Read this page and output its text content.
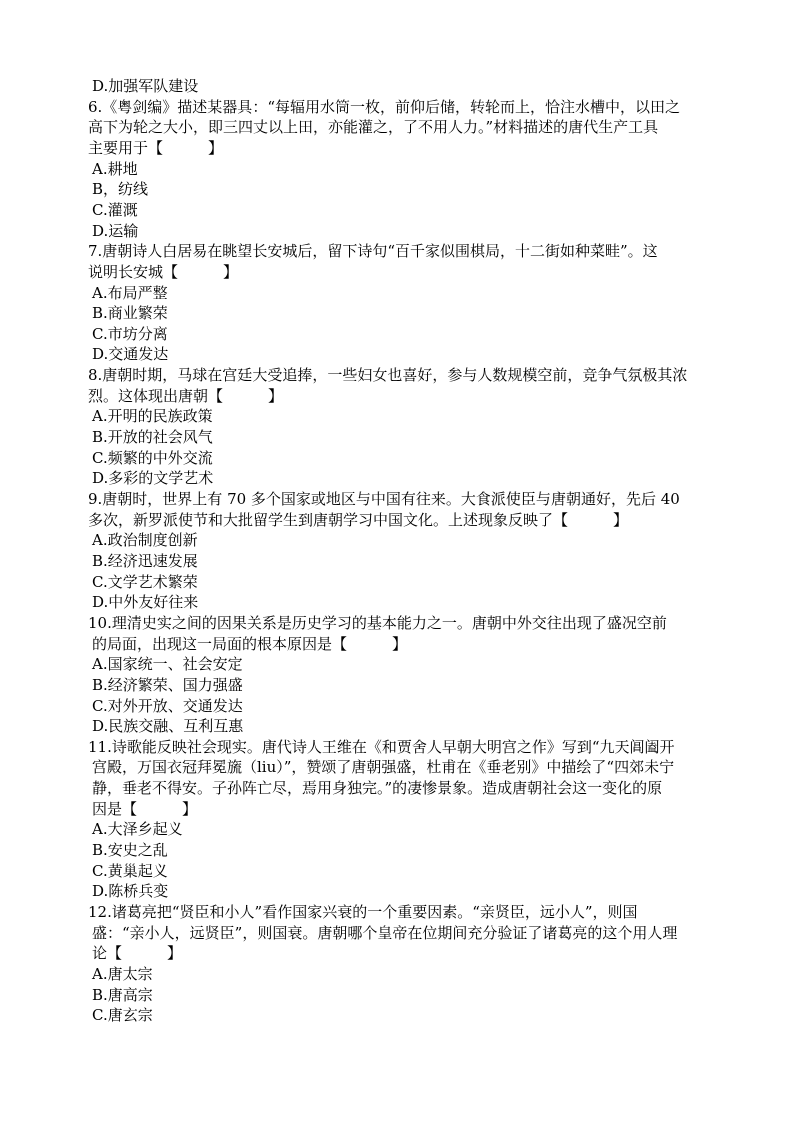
D.加强军队建设
6.《粤剑编》描述某器具：“每辐用水筒一枚，前仰后储，转轮而上，恰注水槽中，以田之
高下为轮之大小，即三四丈以上田，亦能灌之，了不用人力。”材料描述的唐代生产工具
主要用于【　　　】
A.耕地
B，纺线
C.灌溉
D.运输
7.唐朝诗人白居易在眺望长安城后，留下诗句“百千家似围棋局，十二街如种菜畦”。这
说明长安城【　　　】
A.布局严整
B.商业繁荣
C.市坊分离
D.交通发达
8.唐朝时期，马球在宫廷大受追捧，一些妇女也喜好，参与人数规模空前，竞争气氛极其浓
烈。这体现出唐朝【　　　】
A.开明的民族政策
B.开放的社会风气
C.频繁的中外交流
D.多彩的文学艺术
9.唐朝时，世界上有 70 多个国家或地区与中国有往来。大食派使臣与唐朝通好，先后 40
多次，新罗派使节和大批留学生到唐朝学习中国文化。上述现象反映了【　　　】
A.政治制度创新
B.经济迅速发展
C.文学艺术繁荣
D.中外友好往来
10.理清史实之间的因果关系是历史学习的基本能力之一。唐朝中外交往出现了盛况空前
的局面，出现这一局面的根本原因是【　　　】
A.国家统一、社会安定
B.经济繁荣、国力强盛
C.对外开放、交通发达
D.民族交融、互利互惠
11.诗歌能反映社会现实。唐代诗人王维在《和贾舍人早朝大明宫之作》写到“九天阊阖开
宫殿，万国衣冠拜冕旒（liu）”，赞颂了唐朝强盛，杜甫在《垂老别》中描绘了“四郊未宁
静，垂老不得安。子孙阵亡尽，焉用身独完。”的凄惨景象。造成唐朝社会这一变化的原
因是【　　　】
A.大泽乡起义
B.安史之乱
C.黄巢起义
D.陈桥兵变
12.诸葛亮把“贤臣和小人”看作国家兴衰的一个重要因素。“亲贤臣，远小人”，则国
盛：“亲小人，远贤臣”，则国衰。唐朝哪个皇帝在位期间充分验证了诸葛亮的这个用人理
论【　　　】
A.唐太宗
B.唐高宗
C.唐玄宗
